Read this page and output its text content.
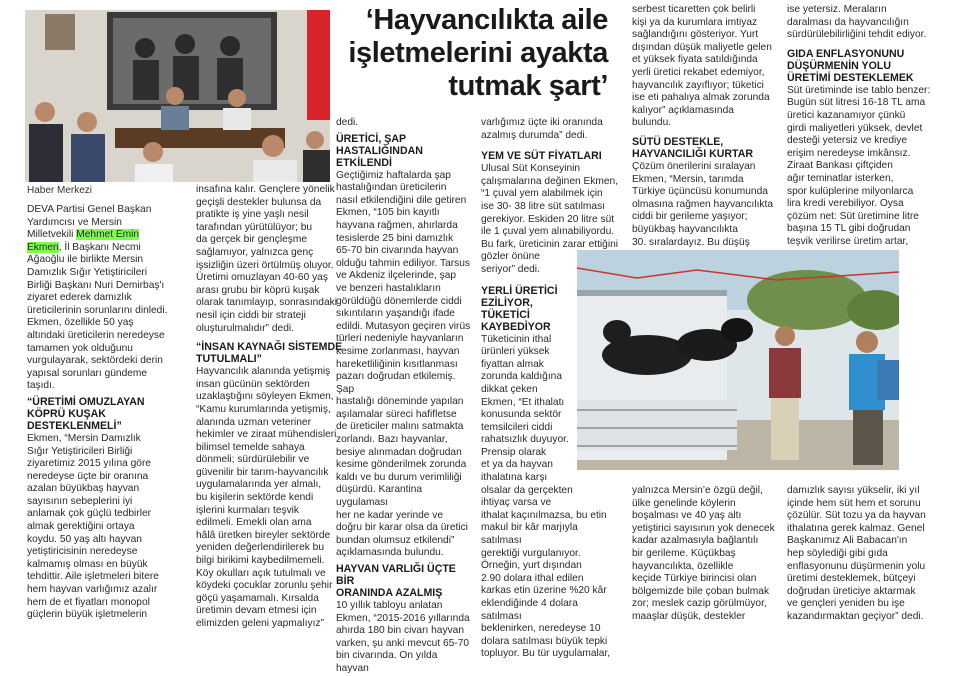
‘Hayvancılıkta aile
işletmelerini ayakta
tutmak şart’
Haber Merkezi

DEVA Partisi Genel Başkan
Yardımcısı ve Mersin
Milletvekili Mehmet Emin
Ekmen, İl Başkanı Necmi
Ağaoğlu ile birlikte Mersin
Damızlık Sığır Yetiştiricileri
Birliği Başkanı Nuri Demirbaş'ı
ziyaret ederek damızlık
üreticilerinin sorunlarını dinledi.
Ekmen, özellikle 50 yaş
altındaki üreticilerin neredeyse
tamamen yok olduğunu
vurgulayarak, sektördeki derin
yapısal sorunları gündeme
taşıdı.

“ÜRETİMİ OMUZLAYAN
KÖPRÜ KUŞAK
DESTEKLENMELİ”

Ekmen, “Mersin Damızlık
Sığır Yetiştiricileri Birliği
ziyaretimiz 2015 yılına göre
neredeyse üçte bir oranına
azalan büyükbaş hayvan
sayısının sebeplerini iyi
anlamak çok güçlü tedbirler
almak gerektiğini ortaya
koydu. 50 yaş altı hayvan
yetiştiricisinin neredeyse
kalmamış olması en büyük
tehdittir. Aile işletmeleri bitere
hem hayvan varlığımız azalır
hem de et fiyatları monopol
güçlerin büyük işletmelerin

insafına kalır. Gençlere yönelik
geçişli destekler bulunsa da
pratikte iş yine yaşlı nesil
tarafından yürütülüyor; bu
da gerçek bir gençleşme
sağlamıyor, yalnızca genç
işsizliğin üzeri örtülmüş oluyor.
Üretimi omuzlayan 40-60 yaş
arası grubu bir köprü kuşak
olarak tanımlayıp, sonrasındaki
nesil için ciddi bir strateji
oluşturulmalıdır” dedi.

“İNSAN KAYNAĞI SİSTEMDE
TUTULMALI”

Hayvancılık alanında yetişmiş
insan gücünün sektörden
uzaklaştığını söyleyen Ekmen,
“Kamu kurumlarında yetişmiş,
alanında uzman veteriner
hekimler ve ziraat mühendisleri
bilimsel temelde sahaya
dönmeli; sürdürülebilir ve
güvenilir bir tarım-hayvancılık
uygulamalarında yer almalı,
bu kişilerin sektörde kendi
işlerini kurmaları teşvik
edilmeli. Emekli olan ama
hâlâ üretken bireyler sektörde
yeniden değerlendirilerek bu
bilgi birikimi kaybedilmemeli.
Köy okulları açık tutulmalı ve
köydeki çocuklar zorunlu şehir
göçü yaşamamalı. Kırsalda
üretimin devam etmesi için
elimizden geleni yapmalıyız”

dedi.

ÜRETİCİ, ŞAP
HASTALIĞINDAN
ETKİLENDİ

Geçtiğimiz haftalarda şap
hastalığından üreticilerin
nasıl etkilendiğini dile getiren
Ekmen, “105 bin kayıtlı
hayvana rağmen, ahırlarda
tesislerde 25 bini damızlık
65-70 bin civarında hayvan
olduğu tahmin ediliyor. Tarsus
ve Akdeniz ilçelerinde, şap
ve benzeri hastalıkların
görüldüğü dönemlerde ciddi
sıkıntıların yaşandığı ifade
edildi. Mutasyon geçiren virüs
türleri nedeniyle hayvanların
kesime zorlanması, hayvan
hareketliliğinin kısıtlanması
pazarı doğrudan etkilemiş. Şap
hastalığı döneminde yapılan
aşılamalar süreci hafifletse
de üreticiler malını satmakta
zorlandı. Bazı hayvanlar,
besiye alınmadan doğrudan
kesime gönderilmek zorunda
kaldı ve bu durum verimliliği
düşürdü. Karantina uygulaması
her ne kadar yerinde ve
doğru bir karar olsa da üretici
bundan olumsuz etkilendi”
açıklamasında bulundu.

HAYVAN VARLIĞI ÜÇTE BİR
ORANINDA AZALMIŞ

10 yıllık tabloyu anlatan
Ekmen, “2015-2016 yıllarında
ahırda 180 bin civarı hayvan
varken, şu anki mevcut 65-70
bin civarında. On yılda hayvan

varlığımız üçte iki oranında
azalmış durumda” dedi.

YEM VE SÜT FİYATLARI

Ulusal Süt Konseyinin
çalışmalarına değinen Ekmen,
“1 çuval yem alabilmek için
ise 30- 38 litre süt satılması
gerekiyor. Eskiden 20 litre süt
ile 1 çuval yem alınabiliyordu.
Bu fark, üreticinin zarar ettiğini
gözler önüne
seriyor” dedi.

YERLİ ÜRETİCİ
EZİLİYOR,
TÜKETİCİ
KAYBEDİYOR

Tüketicinin ithal
ürünleri yüksek
fiyattan almak
zorunda kaldığına
dikkat çeken
Ekmen, “Et ithalatı
konusunda sektör
temsilcileri ciddi
rahatsızlık duyuyor.
Prensip olarak
et ya da hayvan
ithalatına karşı
olsalar da gerçekten
ihtiyaç varsa ve
ithalat kaçınılmazsa, bu etin
makul bir kâr marjıyla satılması
gerektiği vurgulanıyor.
Örneğin, yurt dışından
2.90 dolara ithal edilen
karkas etin üzerine %20 kâr
eklendiğinde 4 dolara satılması
beklenirken, neredeyse 10
dolara satılması büyük tepki
topluyor. Bu tür uygulamalar,

serbest ticaretten çok belirli
kişi ya da kurumlara imtiyaz
sağlandığını gösteriyor. Yurt
dışından düşük maliyetle gelen
et yüksek fiyata satıldığında
yerli üretici rekabet edemiyor,
hayvancılık zayıflıyor; tüketici
ise eti pahalıya almak zorunda
kalıyor” açıklamasında
bulundu.

SÜTÜ DESTEKLE,
HAYVANCILIĞI KURTAR

Çözüm önerilerini sıralayan
Ekmen, “Mersin, tarımda
Türkiye üçüncüsü konumunda
olmasına rağmen hayvancılıkta
ciddi bir gerileme yaşıyor;
büyükbaş hayvancılıkta
30. sıralardayız. Bu düşüş

yalnızca Mersin’e özgü değil,
ülke genelinde köylerin
boşalması ve 40 yaş altı
yetiştirici sayısının yok denecek
kadar azalmasıyla bağlantılı
bir gerileme. Küçükbaş
hayvancılıkta, özellikle
keçide Türkiye birincisi olan
bölgemizde bile çoban bulmak
zor; meslek cazip görülmüyor,
maaşlar düşük, destekler

ise yetersiz. Meraların
daralması da hayvancılığın
sürdürülebilirliğini tehdit ediyor.

GIDA ENFLASYONUNU
DÜŞÜRMENİN YOLU
ÜRETİMİ DESTEKLEMEK

Süt üretiminde ise tablo benzer:
Bugün süt litresi 16-18 TL ama
üretici kazanamıyor çünkü
girdi maliyetleri yüksek, devlet
desteği yetersiz ve krediye
erişim neredeyse imkânsız.
Ziraat Bankası çiftçiden
ağır teminatlar isterken,
spor kulüplerine milyonlarca
lira kredi verebiliyor. Oysa
çözüm net: Süt üretimine litre
başına 15 TL gibi doğrudan
teşvik verilirse üretim artar,

damızlık sayısı yükselir, iki yıl
içinde hem süt hem et sorunu
çözülür. Süt tozu ya da hayvan
ithalatına gerek kalmaz. Genel
Başkanımız Ali Babacan'ın
hep söylediği gibi gıda
enflasyonunu düşürmenin yolu
üretimi desteklemek, bütçeyi
doğrudan üreticiye aktarmak
ve gençleri yeniden bu işe
kazandırmaktan geçiyor” dedi.
